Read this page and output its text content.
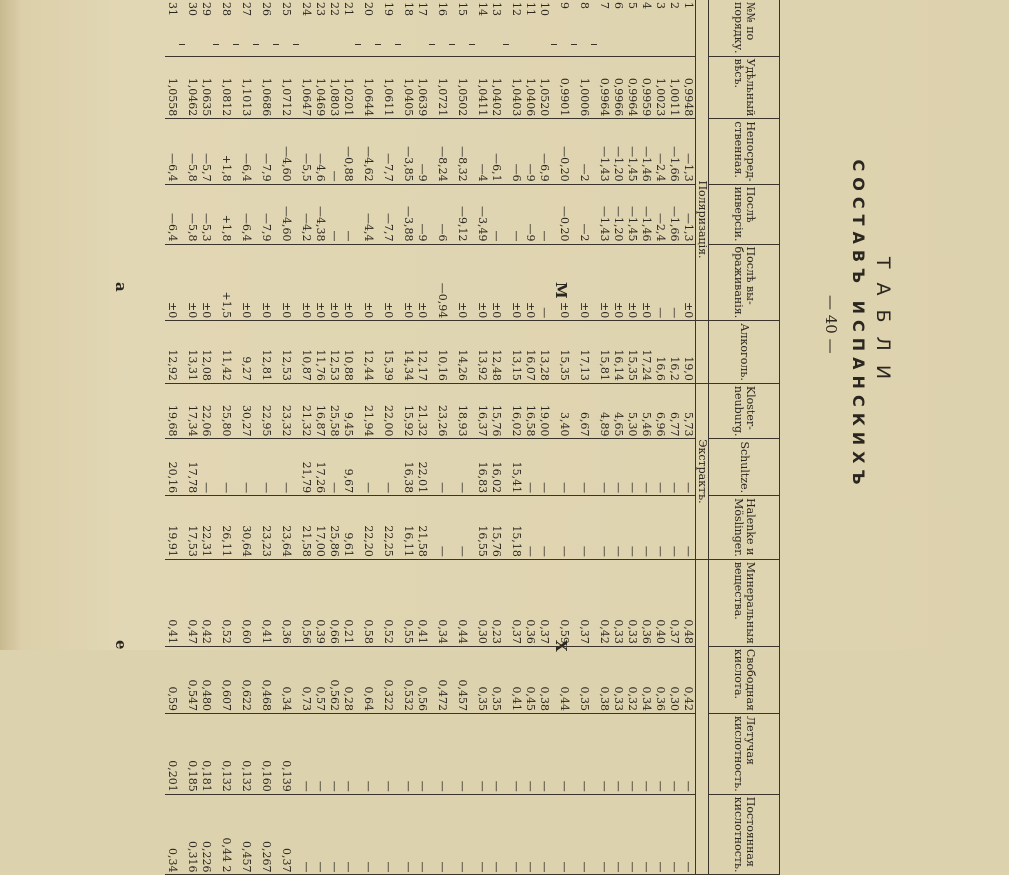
ТАБЛИ
СОСТАВЪ ИСПАНСКИХЪ
— 40 —
Х
е
М
а
№№ по порядку.		Удѣльный вѣсъ.	Непосред-ственная.	Послѣ инверсіи.	Послѣ вы-браживанія.	Алкоголь.	Kloster-neuburg.	Schultze.	Halenke и Möslinger.	Минеральныя вещества.	Свободная кислота.	Летучая кислотность.	Постоянная кислотность.
			Поляризація.				Экстрактъ.						
1		0,9948	—1,3	—1,3	±0	19,0	5,73	—	—	0,48	0,42	—	—
2		1,0011	—1,66	—1,66	—	16,2	6,77	—	—	0,37	0,30	—	—
3		1,0023	—2,4	—2,4	—	16,6	6,96	—	—	0,40	0,36	—	—
4		0,9959	—1,46	—1,46	±0	17,24	5,46	—	—	0,36	0,34	—	—
5		0,9964	—1,45	—1,45	±0	15,35	5,30	—	—	0,33	0,32	—	—
6		0,9966	—1,20	—1,20	±0	16,14	4,65	—	—	0,33	0,33	—	—
7		0,9964	—1,43	—1,43	±0	15,81	4,89	—	—	0,42	0,38	—	—

8		1,0006	—2	—2	±0	17,13	6,67	—	—	0,37	0,35	—	—

9		0,9901	—0,20	—0,20	±0	15,35	3,40	—	—	0,59	0,44	—	—

10		1,0520	—6,9	—	—	13,28	19,00	—	—	0,37	0,38	—	—
11		1,0406	—9	—9	±0	16,07	16,58	—	—	0,36	0,45	—	—
12		1,0403	—6	—	±0	13,15	16,02	15,41	15,18	0,37	0,41	—	—

13		1,0402	—6,1	—	±0	12,48	15,76	16,02	15,76	0,23	0,35	—	—
14		1,0411	—4	—3,49	±0	13,92	16,37	16,83	16,55	0,30	0,35	—	—

15		1,0502	—8,32	—9,12	±0	14,26	18,93	—	—	0,44	0,457	—	—

16		1,0721	—8,24	—6	—0,94	10,16	23,26	—	—	0,34	0,472	—	—

17		1,0639	—9	—9	±0	12,17	21,32	22,01	21,58	0,41	0,56	—	—
18		1,0405	—3,85	—3,88	±0	14,34	15,92	16,38	16,11	0,55	0,532	—	—

19		1,0611	—7,7	—7,7	±0	15,39	22,00	—	22,25	0,52	0,322	—	—

20		1,0644	—4,62	—4,4	±0	12,44	21,94	—	22,20	0,58	0,64	—	—

21		1,0201	—0,88	—	±0	10,88	9,45	9,67	9,61	0,21	0,28	—	—
22		1,0803	—	—	±0	12,53	25,58	—	25,86	0,66	0,562	—	—
23		1,0469	—4,6	—4,38	±0	11,76	16,87	17,26	17,00	0,39	0,57	—	—
24		1,0647	—5,5	—4,2	±0	10,87	21,32	21,79	21,58	0,56	0,73	—	—

25		1,0712	—4,60	—4,60	±0	12,53	23,32	—	23,64	0,36	0,34	0,139	0,37

26		1,0686	—7,9	—7,9	±0	12,81	22,95	—	23,23	0,41	0,468	0,160	0,267

27		1,1013	—6,4	—6,4	±0	9,27	30,27	—	30,64	0,60	0,622	0,132	0,457

28		1,0812	+1,8	+1,8	+1,5	11,42	25,80	—	26,11	0,52	0,607	0,132	0,44 2

29		1,0635	—5,7	—5,3	±0	12,08	22,06	—	22,31	0,42	0,480	0,181	0,226
30		1,0462	—5,8	—5,8	±0	13,31	17,34	17,78	17,53	0,47	0,547	0,185	0,316

31		1,0558	—6,4	—6,4	±0	12,92	19,68	20,16	19,91	0,41	0,59	0,201	0,34
